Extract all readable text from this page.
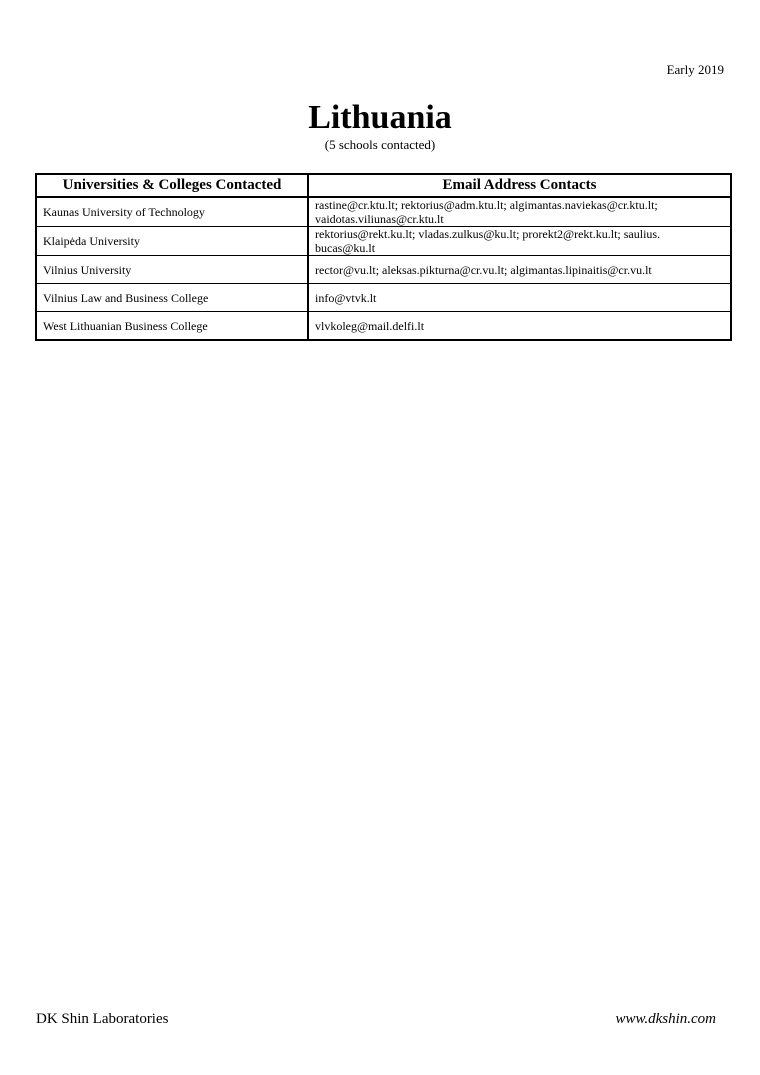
Early 2019
Lithuania
(5 schools contacted)
Universities & Colleges Contacted	Email Address Contacts
Kaunas University of Technology	rastine@cr.ktu.lt; rektorius@adm.ktu.lt; algimantas.naviekas@cr.ktu.lt;
vaidotas.viliunas@cr.ktu.lt
Klaipėda University	rektorius@rekt.ku.lt; vladas.zulkus@ku.lt; prorekt2@rekt.ku.lt; saulius.
bucas@ku.lt
Vilnius University	rector@vu.lt; aleksas.pikturna@cr.vu.lt; algimantas.lipinaitis@cr.vu.lt
Vilnius Law and Business College	info@vtvk.lt
West Lithuanian Business College	vlvkoleg@mail.delfi.lt
DK Shin Laboratories	www.dkshin.com
